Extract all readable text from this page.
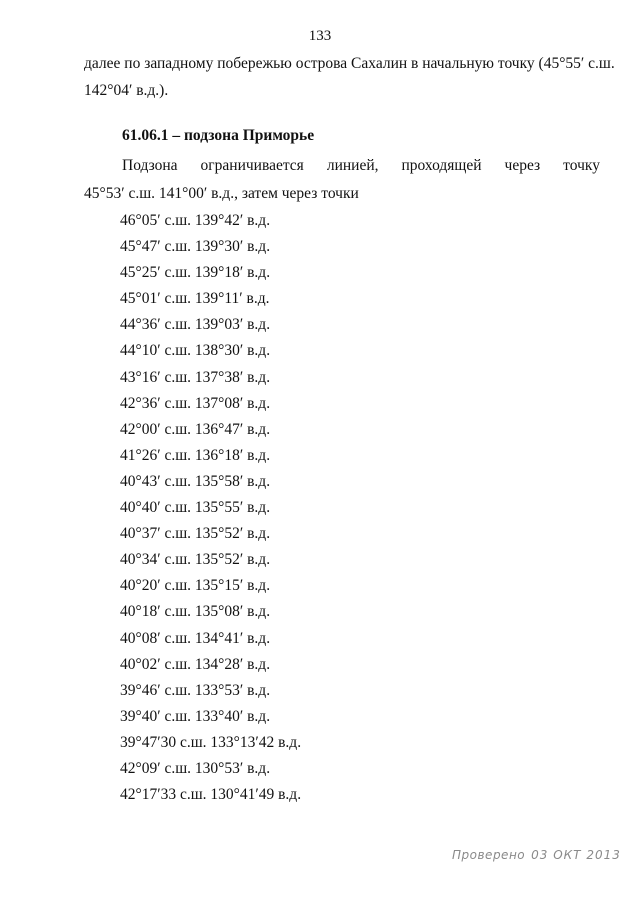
133
далее по западному побережью острова Сахалин в начальную точку (45°55′ с.ш.
142°04′ в.д.).
61.06.1 – подзона Приморье
Подзона ограничивается линией, проходящей через точку
45°53′ с.ш. 141°00′ в.д., затем через точки
46°05′ с.ш. 139°42′ в.д.
45°47′ с.ш. 139°30′ в.д.
45°25′ с.ш. 139°18′ в.д.
45°01′ с.ш. 139°11′ в.д.
44°36′ с.ш. 139°03′ в.д.
44°10′ с.ш. 138°30′ в.д.
43°16′ с.ш. 137°38′ в.д.
42°36′ с.ш. 137°08′ в.д.
42°00′ с.ш. 136°47′ в.д.
41°26′ с.ш. 136°18′ в.д.
40°43′ с.ш. 135°58′ в.д.
40°40′ с.ш. 135°55′ в.д.
40°37′ с.ш. 135°52′ в.д.
40°34′ с.ш. 135°52′ в.д.
40°20′ с.ш. 135°15′ в.д.
40°18′ с.ш. 135°08′ в.д.
40°08′ с.ш. 134°41′ в.д.
40°02′ с.ш. 134°28′ в.д.
39°46′ с.ш. 133°53′ в.д.
39°40′ с.ш. 133°40′ в.д.
39°47′30 с.ш. 133°13′42 в.д.
42°09′ с.ш. 130°53′ в.д.
42°17′33 с.ш. 130°41′49 в.д.
Проверено 03 ОКТ 2013
